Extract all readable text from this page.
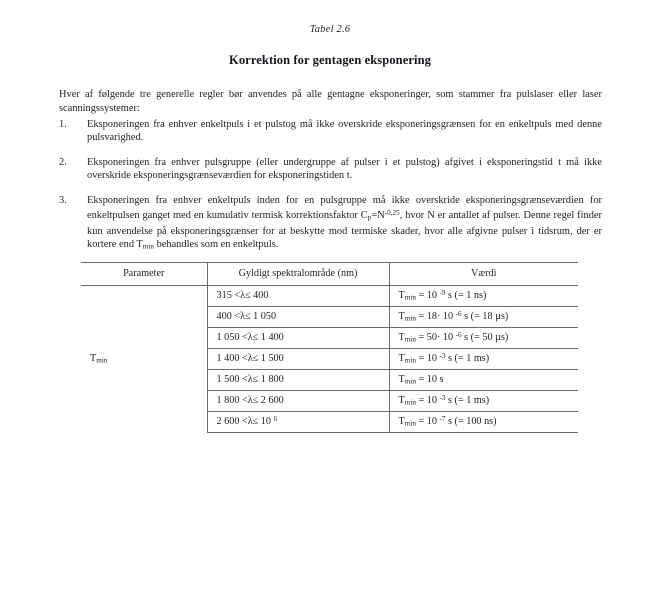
Tabel 2.6
Korrektion for gentagen eksponering

Hver af følgende tre generelle regler bør anvendes på alle gentagne eksponeringer, som stammer fra pulslaser eller laser scanningssystemer:

1.	Eksponeringen fra enhver enkeltpuls i et pulstog må ikke overskride eksponeringsgrænsen for en enkeltpuls med denne pulsvarighed.
2.	Eksponeringen fra enhver pulsgruppe (eller undergruppe af pulser i et pulstog) afgivet i eksponeringstid t må ikke overskride eksponeringsgrænseværdien for eksponeringstiden t.
3.	Eksponeringen fra enhver enkeltpuls inden for en pulsgruppe må ikke overskride eksponeringsgrænseværdien for enkeltpulsen ganget med en kumulativ termisk korrektionsfaktor $C_p=N^{-0,25}$, hvor N er antallet af pulser. Denne regel finder kun anvendelse på eksponeringsgrænser for at beskytte mod termiske skader, hvor alle afgivne pulser i tidsrum, der er kortere end $T_{min}$ behandles som en enkeltpuls.
Parameter	Gyldigt spektralområde (nm)	Værdi
$T_{min}$	315 <λ≤ 400	$T_{min} = 10$ $^{-9}$ s (= 1 ns)
	400 <λ≤ 1 050	$T_{min} = 18\cdot 10$ $^{-6}$ s (= 18 µs)
	1 050 <λ≤ 1 400	$T_{min} = 50\cdot 10$ $^{-6}$ s (= 50 µs)
	1 400 <λ≤ 1 500	$T_{min} = 10$ $^{-3}$ s (= 1 ms)
	1 500 <λ≤ 1 800	$T_{min} = 10$ s
	1 800 <λ≤ 2 600	$T_{min} = 10$ $^{-3}$ s (= 1 ms)
	2 600 <λ≤ 10 $^6$	$T_{min} = 10$ $^{-7}$ s (= 100 ns)
